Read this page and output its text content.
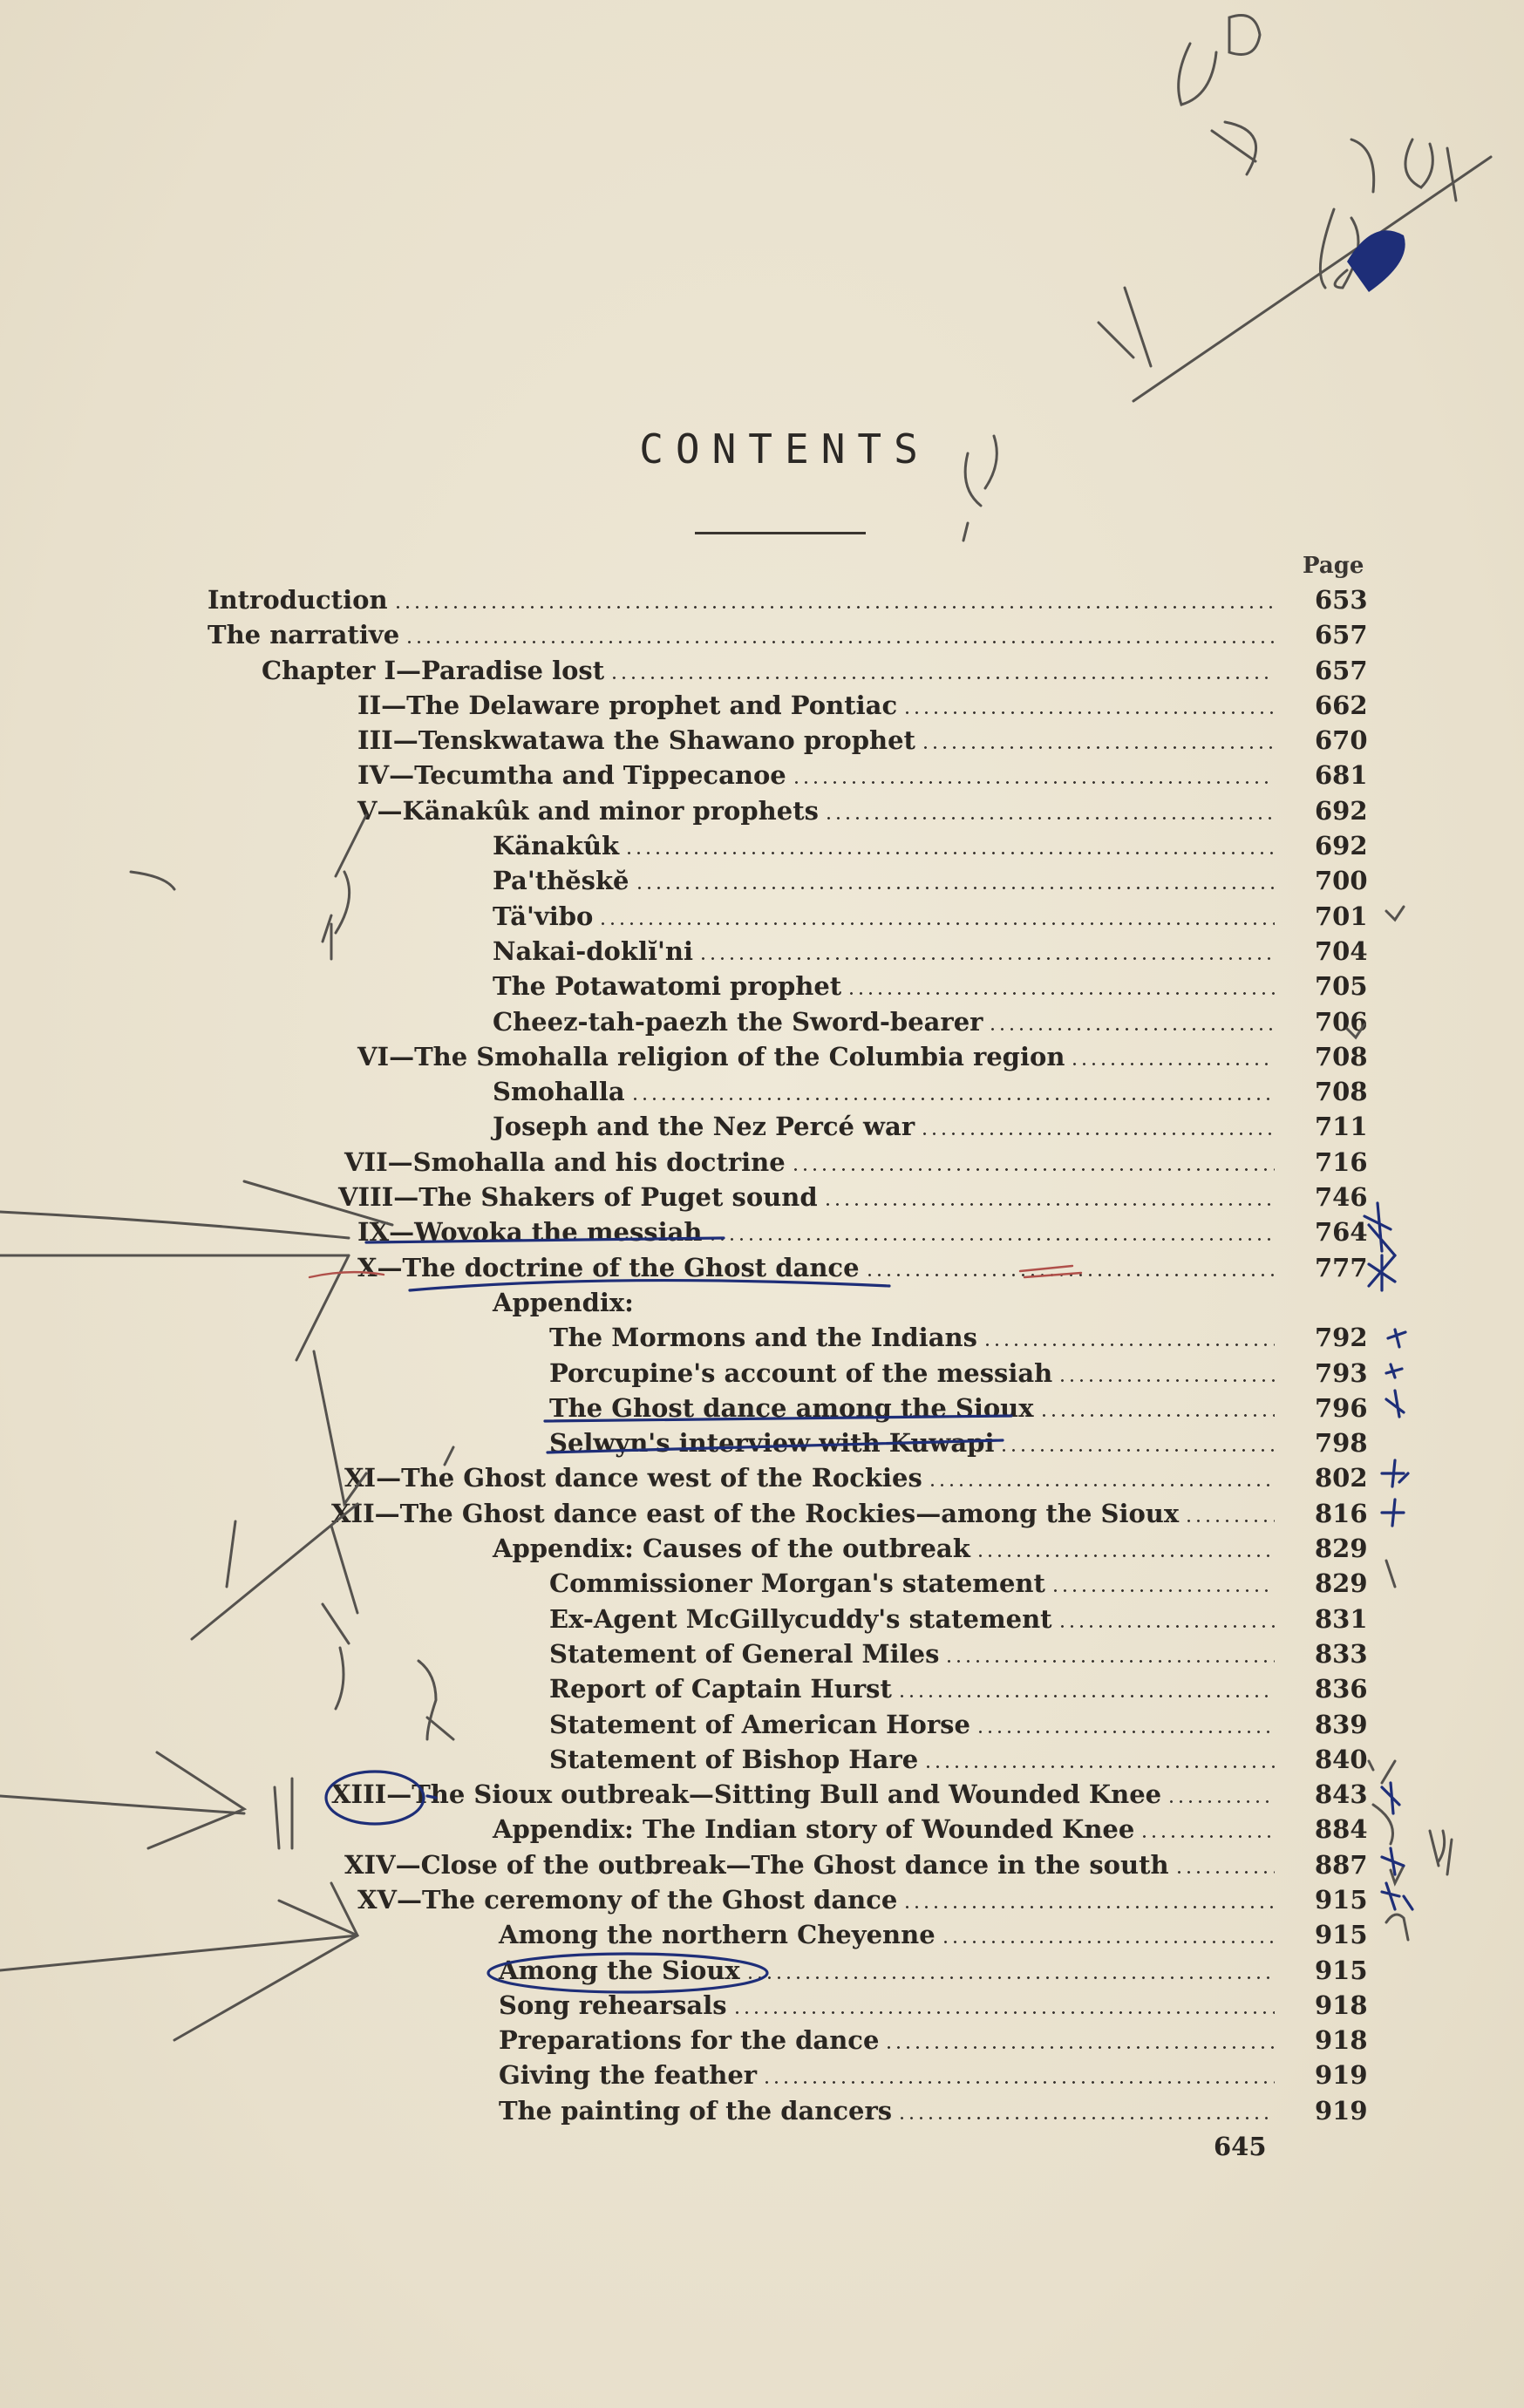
CONTENTS
Page
Introduction	653
The narrative	657
Chapter I—Paradise lost	657
II—The Delaware prophet and Pontiac	662
III—Tenskwatawa the Shawano prophet	670
IV—Tecumtha and Tippecanoe	681
V—Känakûk and minor prophets	692
Känakûk	692
Pa'thĕskĕ	700
Tä'vibo	701
Nakai-doklĭ'ni	704
The Potawatomi prophet	705
Cheez-tah-paezh the Sword-bearer	706
VI—The Smohalla religion of the Columbia region	708
Smohalla	708
Joseph and the Nez Percé war	711
VII—Smohalla and his doctrine	716
VIII—The Shakers of Puget sound	746
IX—Wovoka the messiah	764
X—The doctrine of the Ghost dance	777
Appendix:
The Mormons and the Indians	792
Porcupine's account of the messiah	793
The Ghost dance among the Sioux	796
Selwyn's interview with Kuwapi	798
XI—The Ghost dance west of the Rockies	802
XII—The Ghost dance east of the Rockies—among the Sioux	816
Appendix: Causes of the outbreak	829
Commissioner Morgan's statement	829
Ex-Agent McGillycuddy's statement	831
Statement of General Miles	833
Report of Captain Hurst	836
Statement of American Horse	839
Statement of Bishop Hare	840
XIII—The Sioux outbreak—Sitting Bull and Wounded Knee	843
Appendix: The Indian story of Wounded Knee	884
XIV—Close of the outbreak—The Ghost dance in the south	887
XV—The ceremony of the Ghost dance	915
Among the northern Cheyenne	915
Among the Sioux	915
Song rehearsals	918
Preparations for the dance	918
Giving the feather	919
The painting of the dancers	919
645
